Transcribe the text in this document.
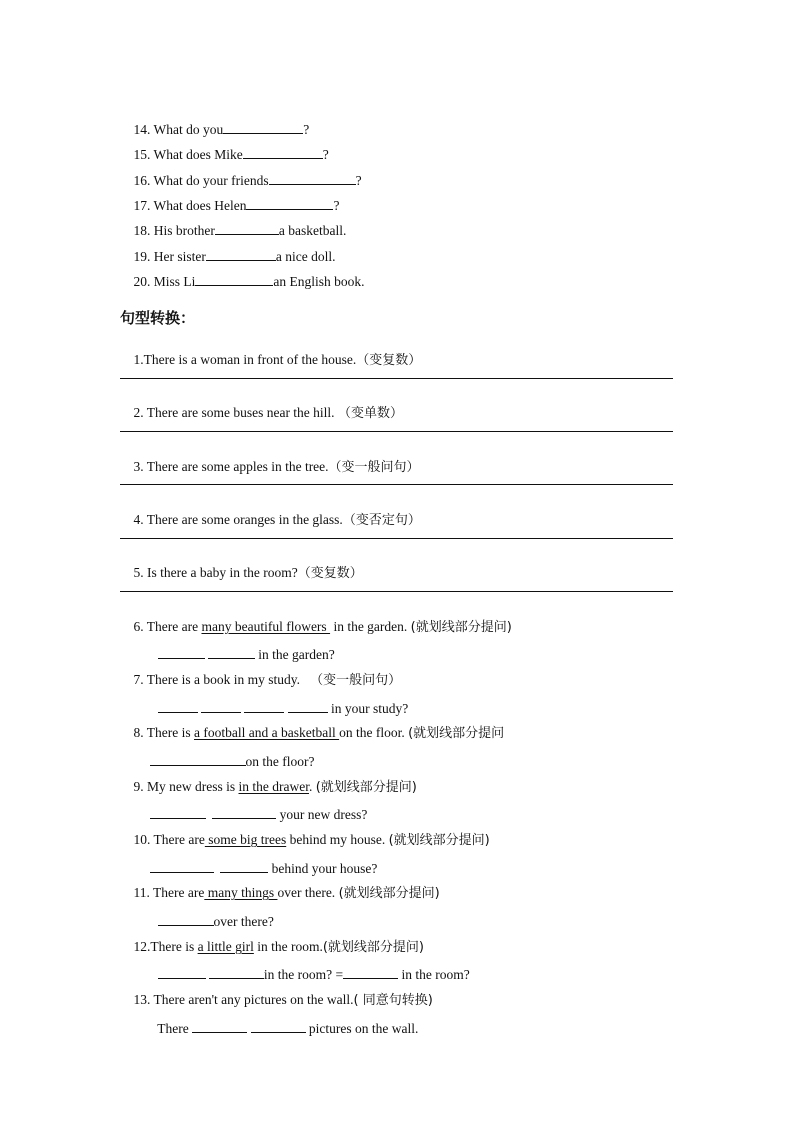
14. What do you	?

15. What does Mike	?

16. What do your friends	?

17. What does Helen	?

18. His brother	a basketball.

19. Her sister	a nice doll.

20. Miss Li	an English book.

句型转换：

1.There is a woman in front of the house.（变复数）

2. There are some buses near the hill. （变单数）

3. There are some apples in the tree.（变一般问句）

4. There are some oranges in the glass.（变否定句）

5. Is there a baby in the room?（变复数）

6. There are many beautiful flowers  in the garden. (就划线部分提问)

in the garden?

7. There is a book in my study. （变一般问句）

in your study?

8. There is a football and a basketball on the floor. (就划线部分提问

on the floor?

9. My new dress is in the drawer. (就划线部分提问)

your new dress?

10. There are some big trees behind my house. (就划线部分提问)

behind your house?

11. There are many things over there. (就划线部分提问)

over there?

12.There is a little girl in the room.(就划线部分提问)

in the room? =	in the room?

13. There aren't any pictures on the wall.( 同意句转换)

There	pictures on the wall.
